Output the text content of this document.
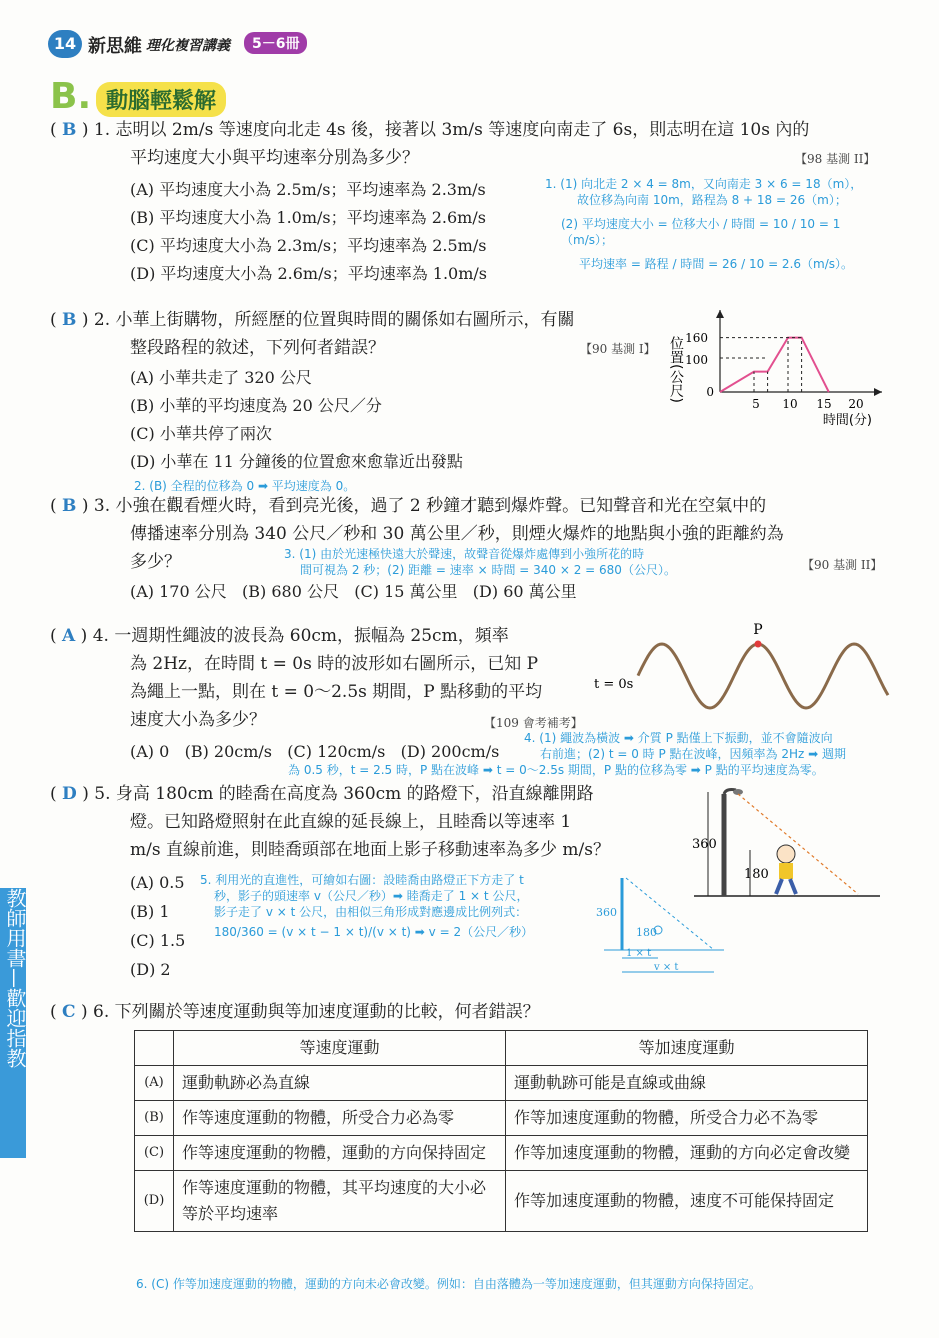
14 新思維 理化複習講義	5－6冊
B. 動腦輕鬆解
教師用書—歡迎指教
( B ) 1. 志明以 2m/s 等速度向北走 4s 後，接著以 3m/s 等速度向南走了 6s，則志明在這 10s 內的
平均速度大小與平均速率分別為多少？	【98 基測 II】
(A) 平均速度大小為 2.5m/s；平均速率為 2.3m/s
(B) 平均速度大小為 1.0m/s；平均速率為 2.6m/s
(C) 平均速度大小為 2.3m/s；平均速率為 2.5m/s
(D) 平均速度大小為 2.6m/s；平均速率為 1.0m/s
1. (1) 向北走 2 × 4 = 8m，又向南走 3 × 6 = 18（m），
故位移為向南 10m，路程為 8 + 18 = 26（m）；
(2) 平均速度大小 = 位移大小 / 時間 = 10 / 10 = 1（m/s）；
平均速率 = 路程 / 時間 = 26 / 10 = 2.6（m/s）。
( B ) 2. 小華上街購物，所經歷的位置與時間的關係如右圖所示，有關
整段路程的敘述，下列何者錯誤？	【90 基測 I】
(A) 小華共走了 320 公尺
(B) 小華的平均速度為 20 公尺／分
(C) 小華共停了兩次
(D) 小華在 11 分鐘後的位置愈來愈靠近出發點
2. (B) 全程的位移為 0 ➡ 平均速度為 0。
位置(公尺) 160
100
0
5 10 15 20
時間(分)
( B ) 3. 小強在觀看煙火時，看到亮光後，過了 2 秒鐘才聽到爆炸聲。已知聲音和光在空氣中的
傳播速率分別為 340 公尺／秒和 30 萬公里／秒，則煙火爆炸的地點與小強的距離約為
多少？	3. (1) 由於光速極快遠大於聲速，故聲音從爆炸處傳到小強所花的時
間可視為 2 秒；(2) 距離 = 速率 × 時間 = 340 × 2 = 680（公尺）。	【90 基測 II】
(A) 170 公尺 (B) 680 公尺 (C) 15 萬公里 (D) 60 萬公里
( A ) 4. 一週期性繩波的波長為 60cm，振幅為 25cm，頻率
為 2Hz，在時間 t = 0s 時的波形如右圖所示，已知 P
為繩上一點，則在 t = 0～2.5s 期間，P 點移動的平均
速度大小為多少？	【109 會考補考】
(A) 0 (B) 20cm/s (C) 120cm/s (D) 200cm/s
4. (1) 繩波為橫波 ➡ 介質 P 點僅上下振動，並不會隨波向
右前進；(2) t = 0 時 P 點在波峰，因頻率為 2Hz ➡ 週期
為 0.5 秒，t = 2.5 時，P 點在波峰 ➡ t = 0～2.5s 期間，P 點的位移為零 ➡ P 點的平均速度為零。
P
t = 0s
( D ) 5. 身高 180cm 的睦喬在高度為 360cm 的路燈下，沿直線離開路
燈。已知路燈照射在此直線的延長線上，且睦喬以等速率 1
m/s 直線前進，則睦喬頭部在地面上影子移動速率為多少 m/s？
(A) 0.5
(B) 1
(C) 1.5
(D) 2
5. 利用光的直進性，可繪如右圖：設睦喬由路燈正下方走了 t
秒，影子的頭速率 v（公尺／秒）➡ 睦喬走了 1 × t 公尺，
影子走了 v × t 公尺，由相似三角形成對應邊成比例列式：
180/360 = (v × t − 1 × t)/(v × t) ➡ v = 2（公尺／秒）
360
180
360
180
1 × t
v × t
( C ) 6. 下列關於等速度運動與等加速度運動的比較，何者錯誤？
	等速度運動	等加速度運動
(A)	運動軌跡必為直線	運動軌跡可能是直線或曲線
(B)	作等速度運動的物體，所受合力必為零	作等加速度運動的物體，所受合力必不為零
(C)	作等速度運動的物體，運動的方向保持固定	作等加速度運動的物體，運動的方向必定會改變
(D)	作等速度運動的物體，其平均速度的大小必等於平均速率	作等加速度運動的物體，速度不可能保持固定
6. (C) 作等加速度運動的物體，運動的方向未必會改變。例如：自由落體為一等加速度運動，但其運動方向保持固定。
